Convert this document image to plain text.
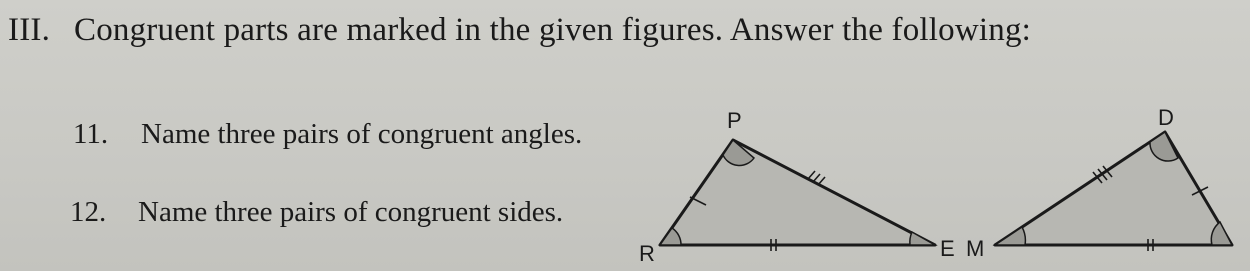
III. Congruent parts are marked in the given figures. Answer the following:
11. Name three pairs of congruent angles.
12. Name three pairs of congruent sides.
P
R	E
D
M
